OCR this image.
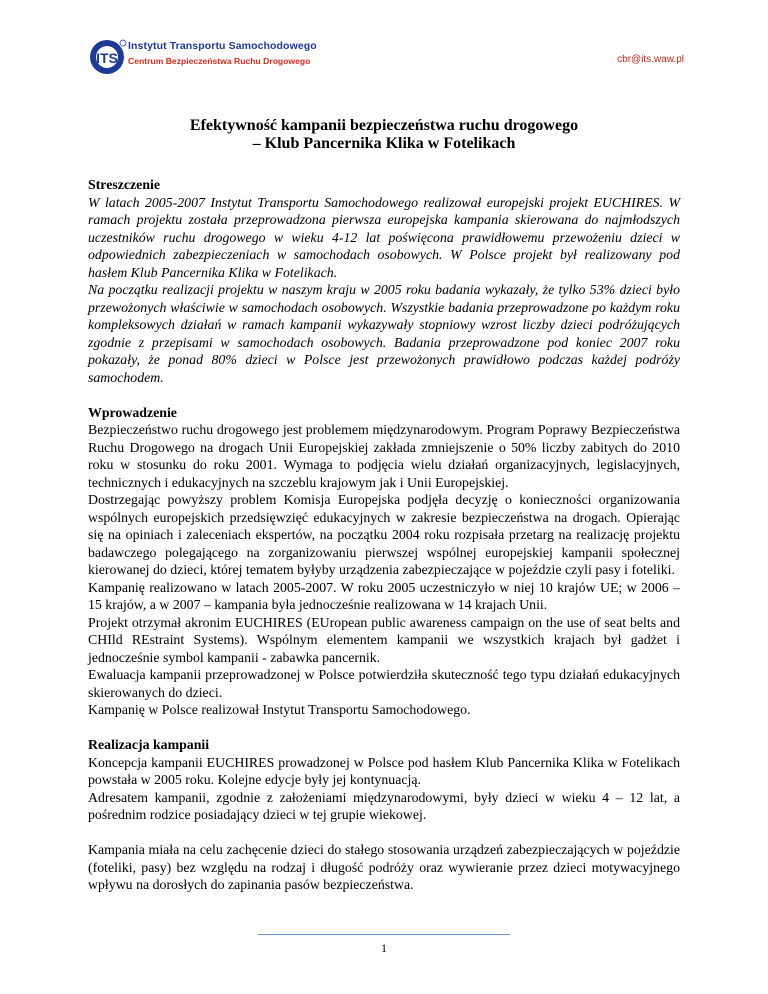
ITS
Instytut Transportu Samochodowego
Centrum Bezpieczeństwa Ruchu Drogowego	cbr@its.waw.pl
Efektywność kampanii bezpieczeństwa ruchu drogowego
– Klub Pancernika Klika w Fotelikach

Streszczenie

W latach 2005-2007 Instytut Transportu Samochodowego realizował europejski projekt EUCHIRES. W ramach projektu została przeprowadzona pierwsza europejska kampania skierowana do najmłodszych uczestników ruchu drogowego w wieku 4-12 lat poświęcona prawidłowemu przewożeniu dzieci w odpowiednich zabezpieczeniach w samochodach osobowych. W Polsce projekt był realizowany pod hasłem Klub Pancernika Klika w Fotelikach.

Na początku realizacji projektu w naszym kraju w 2005 roku badania wykazały, że tylko 53% dzieci było przewożonych właściwie w samochodach osobowych. Wszystkie badania przeprowadzone po każdym roku kompleksowych działań w ramach kampanii wykazywały stopniowy wzrost liczby dzieci podróżujących zgodnie z przepisami w samochodach osobowych. Badania przeprowadzone pod koniec 2007 roku pokazały, że ponad 80% dzieci w Polsce jest przewożonych prawidłowo podczas każdej podróży samochodem.

Wprowadzenie

Bezpieczeństwo ruchu drogowego jest problemem międzynarodowym. Program Poprawy Bezpieczeństwa Ruchu Drogowego na drogach Unii Europejskiej zakłada zmniejszenie o 50% liczby zabitych do 2010 roku w stosunku do roku 2001. Wymaga to podjęcia wielu działań organizacyjnych, legislacyjnych, technicznych i edukacyjnych na szczeblu krajowym jak i Unii Europejskiej.

Dostrzegając powyższy problem Komisja Europejska podjęła decyzję o konieczności organizowania wspólnych europejskich przedsięwzięć edukacyjnych w zakresie bezpieczeństwa na drogach. Opierając się na opiniach i zaleceniach ekspertów, na początku 2004 roku rozpisała przetarg na realizację projektu badawczego polegającego na zorganizowaniu pierwszej wspólnej europejskiej kampanii społecznej kierowanej do dzieci, której tematem byłyby urządzenia zabezpieczające w pojeździe czyli pasy i foteliki.

Kampanię realizowano w latach 2005-2007. W roku 2005 uczestniczyło w niej 10 krajów UE; w 2006 – 15 krajów, a w 2007 – kampania była jednocześnie realizowana w 14 krajach Unii.

Projekt otrzymał akronim EUCHIRES (EUropean public awareness campaign on the use of seat belts and CHIld REstraint Systems). Wspólnym elementem kampanii we wszystkich krajach był gadżet i jednocześnie symbol kampanii - zabawka pancernik.

Ewaluacja kampanii przeprowadzonej w Polsce potwierdziła skuteczność tego typu działań edukacyjnych skierowanych do dzieci.

Kampanię w Polsce realizował Instytut Transportu Samochodowego.

Realizacja kampanii

Koncepcja kampanii EUCHIRES prowadzonej w Polsce pod hasłem Klub Pancernika Klika w Fotelikach powstała w 2005 roku. Kolejne edycje były jej kontynuacją.

Adresatem kampanii, zgodnie z założeniami międzynarodowymi, były dzieci w wieku 4 – 12 lat, a pośrednim rodzice posiadający dzieci w tej grupie wiekowej.

Kampania miała na celu zachęcenie dzieci do stałego stosowania urządzeń zabezpieczających w pojeździe (foteliki, pasy) bez względu na rodzaj i długość podróży oraz wywieranie przez dzieci motywacyjnego wpływu na dorosłych do zapinania pasów bezpieczeństwa.

1
